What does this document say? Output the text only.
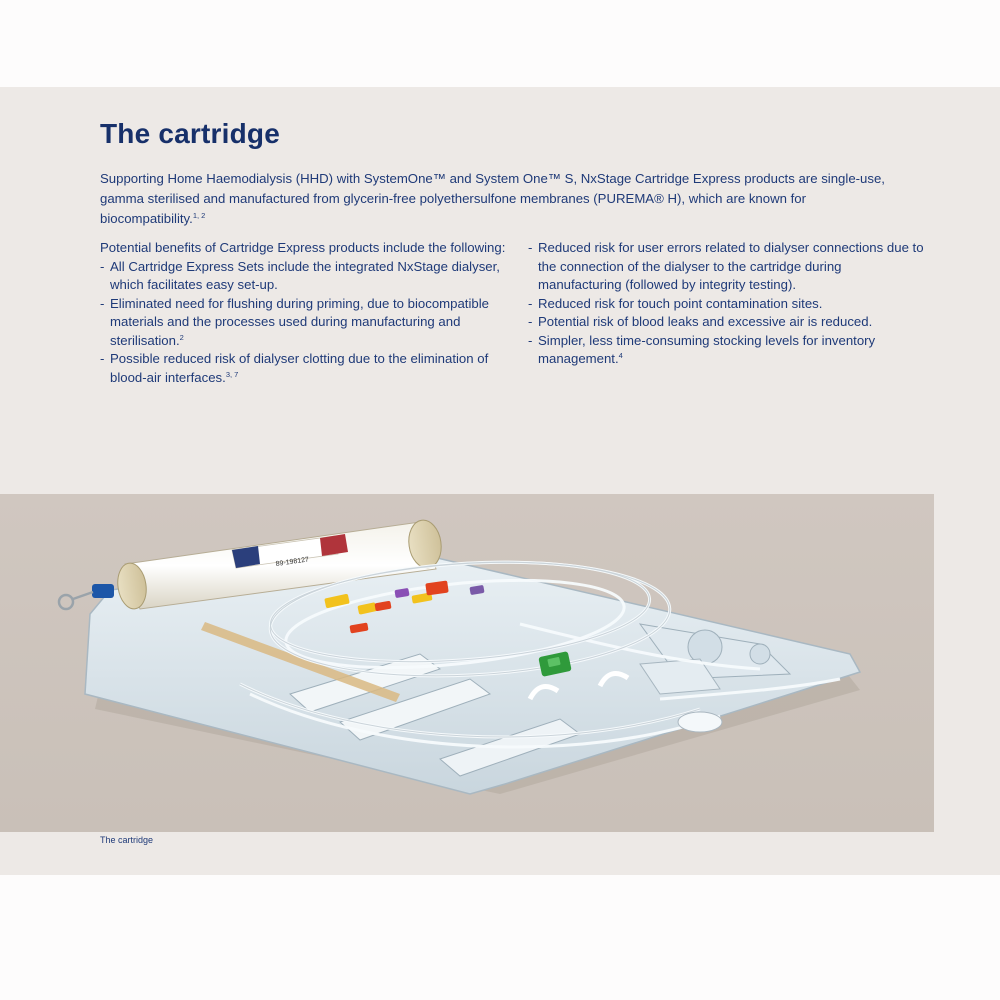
The cartridge

Supporting Home Haemodialysis (HHD) with SystemOne™ and System One™ S, NxStage Cartridge Express products are single-use, gamma sterilised and manufactured from glycerin-free polyethersulfone membranes (PUREMA® H), which are known for biocompatibility.$^{1, 2}$

Potential benefits of Cartridge Express products include the following:

- All Cartridge Express Sets include the integrated NxStage dialyser, which facilitates easy set-up.
- Eliminated need for flushing during priming, due to biocompatible materials and the processes used during manufacturing and sterilisation.$^2$
- Possible reduced risk of dialyser clotting due to the elimination of blood-air interfaces.$^{3, 7}$
- Reduced risk for user errors related to dialyser connections due to the connection of the dialyser to the cartridge during manufacturing (followed by integrity testing).
- Reduced risk for touch point contamination sites.
- Potential risk of blood leaks and excessive air is reduced.
- Simpler, less time-consuming stocking levels for inventory management.$^4$
89-198127

The cartridge
